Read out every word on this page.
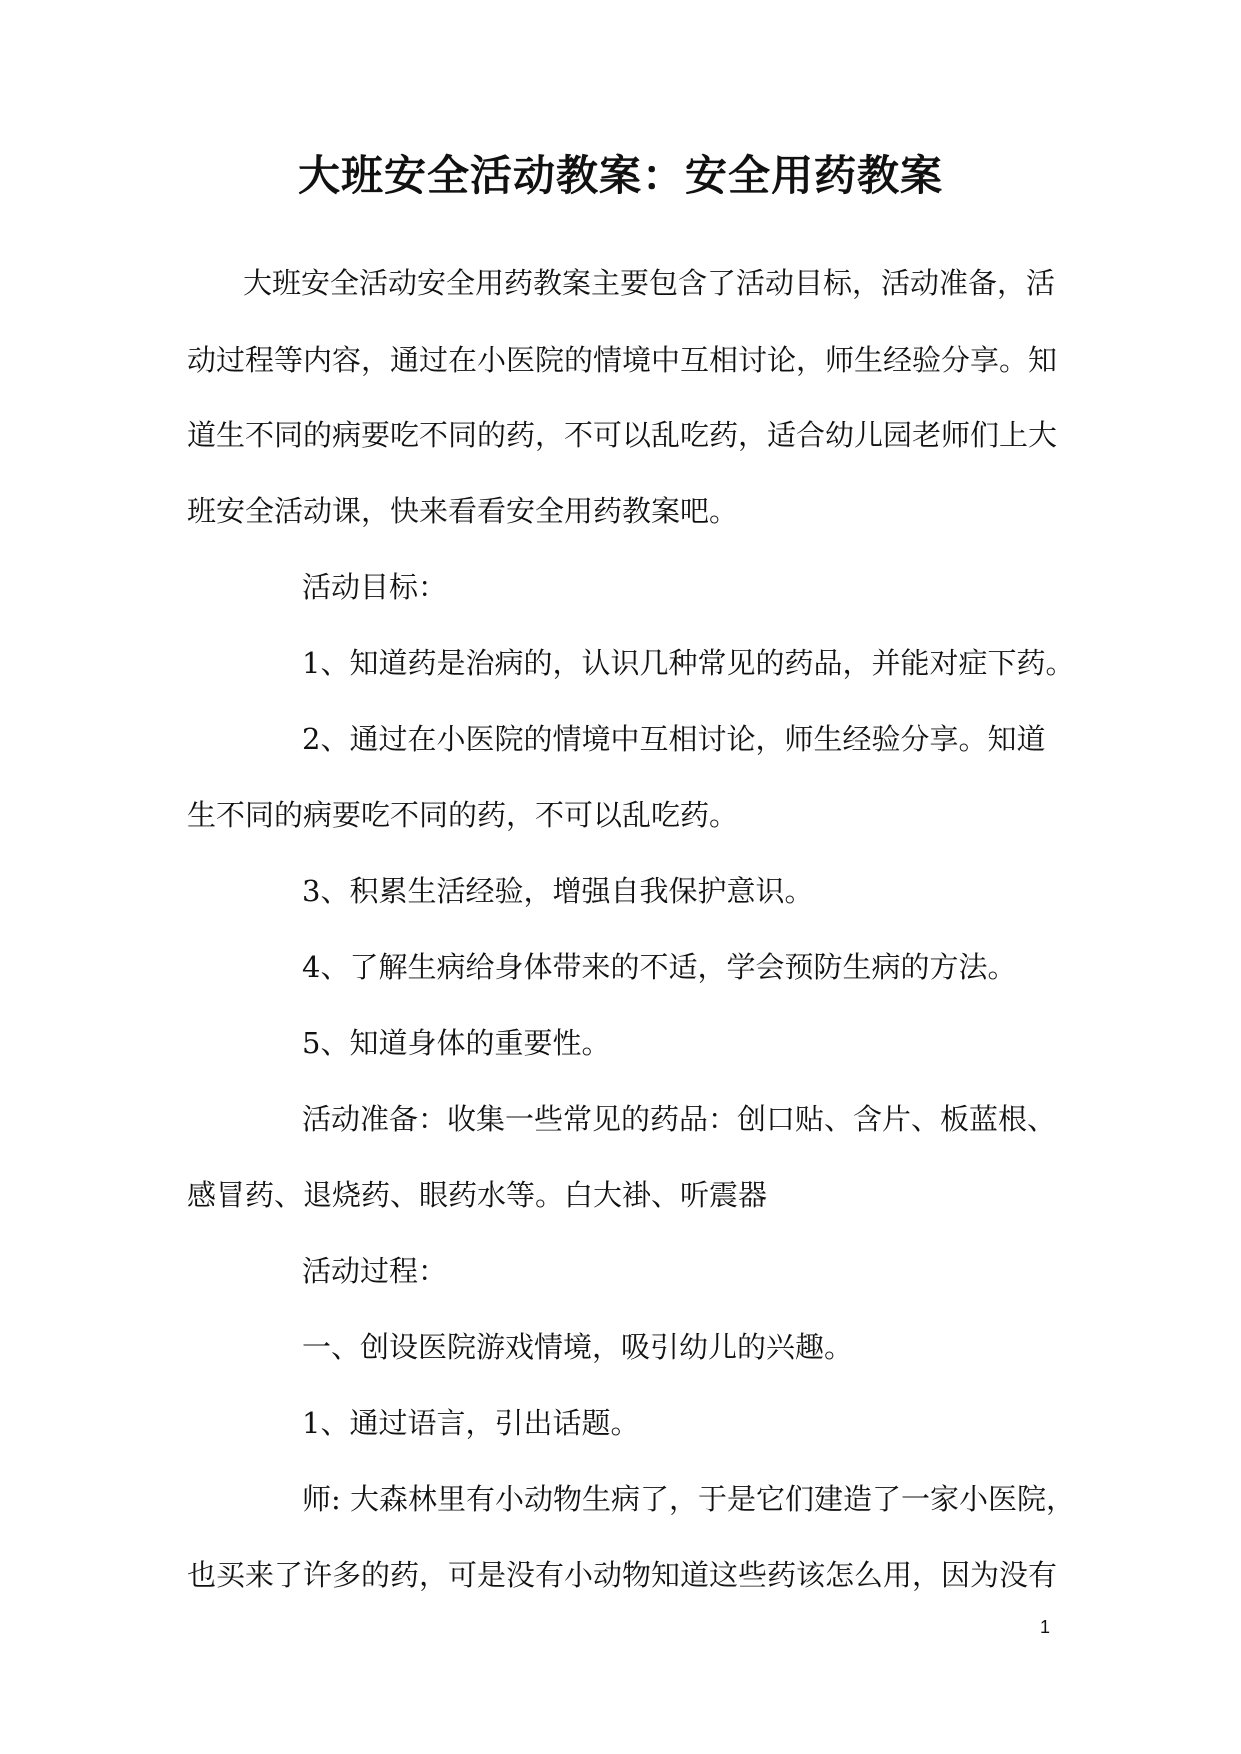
大班安全活动教案：安全用药教案
大班安全活动安全用药教案主要包含了活动目标，活动准备，活
动过程等内容，通过在小医院的情境中互相讨论，师生经验分享。知
道生不同的病要吃不同的药，不可以乱吃药，适合幼儿园老师们上大
班安全活动课，快来看看安全用药教案吧。
活动目标：
1、知道药是治病的，认识几种常见的药品，并能对症下药。
2、通过在小医院的情境中互相讨论，师生经验分享。知道
生不同的病要吃不同的药，不可以乱吃药。
3、积累生活经验，增强自我保护意识。
4、了解生病给身体带来的不适，学会预防生病的方法。
5、知道身体的重要性。
活动准备：收集一些常见的药品：创口贴、含片、板蓝根、
感冒药、退烧药、眼药水等。白大褂、听震器
活动过程：
一、创设医院游戏情境，吸引幼儿的兴趣。
1、通过语言，引出话题。
师: 大森林里有小动物生病了，于是它们建造了一家小医院，
也买来了许多的药，可是没有小动物知道这些药该怎么用，因为没有
1
